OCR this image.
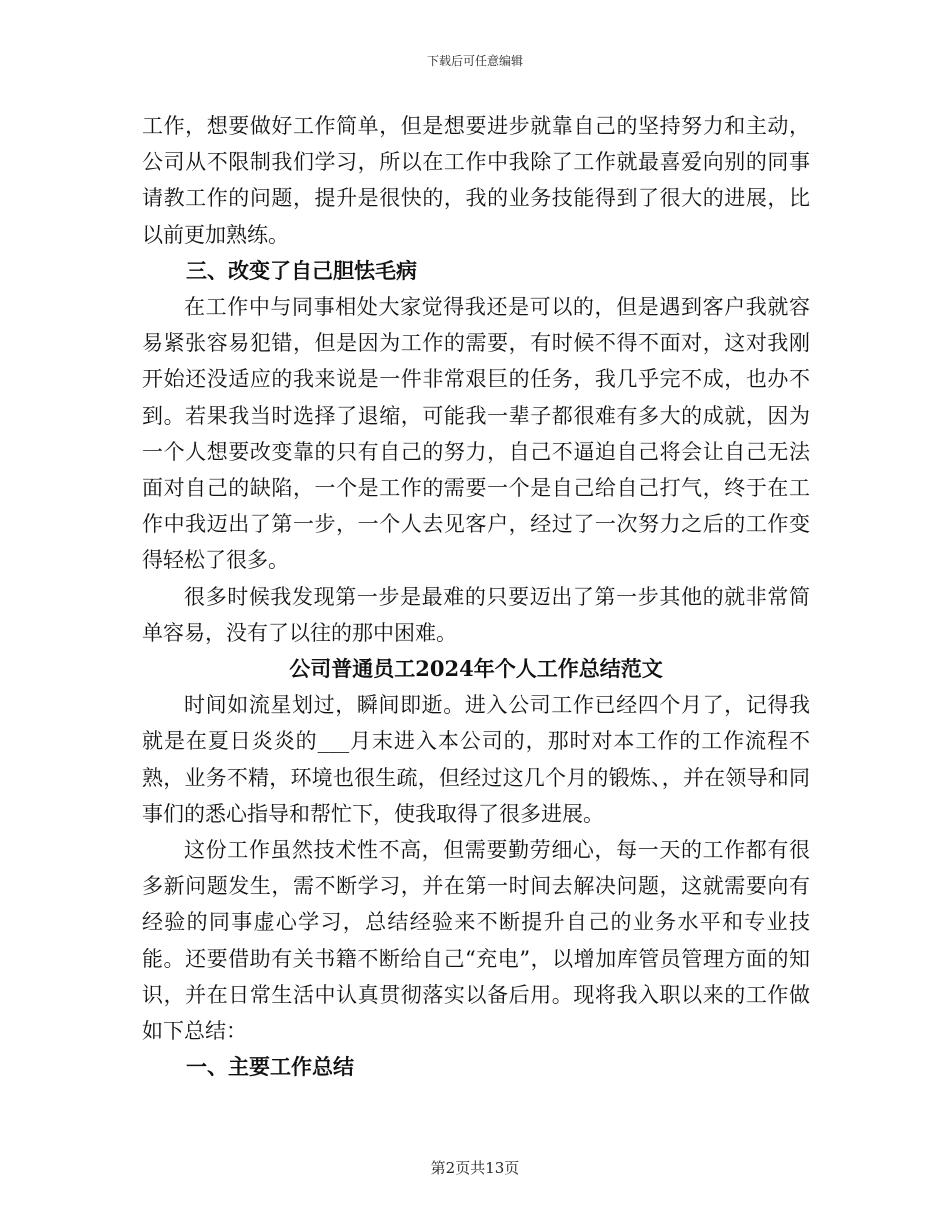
下载后可任意编辑

工作，想要做好工作简单，但是想要进步就靠自己的坚持努力和主动，公司从不限制我们学习，所以在工作中我除了工作就最喜爱向别的同事请教工作的问题，提升是很快的，我的业务技能得到了很大的进展，比以前更加熟练。

三、改变了自己胆怯毛病

在工作中与同事相处大家觉得我还是可以的，但是遇到客户我就容易紧张容易犯错，但是因为工作的需要，有时候不得不面对，这对我刚开始还没适应的我来说是一件非常艰巨的任务，我几乎完不成，也办不到。若果我当时选择了退缩，可能我一辈子都很难有多大的成就，因为一个人想要改变靠的只有自己的努力，自己不逼迫自己将会让自己无法面对自己的缺陷，一个是工作的需要一个是自己给自己打气，终于在工作中我迈出了第一步，一个人去见客户，经过了一次努力之后的工作变得轻松了很多。

很多时候我发现第一步是最难的只要迈出了第一步其他的就非常简单容易，没有了以往的那中困难。

公司普通员工2024年个人工作总结范文

时间如流星划过，瞬间即逝。进入公司工作已经四个月了，记得我就是在夏日炎炎的___月末进入本公司的，那时对本工作的工作流程不熟，业务不精，环境也很生疏，但经过这几个月的锻炼、，并在领导和同事们的悉心指导和帮忙下，使我取得了很多进展。

这份工作虽然技术性不高，但需要勤劳细心，每一天的工作都有很多新问题发生，需不断学习，并在第一时间去解决问题，这就需要向有经验的同事虚心学习，总结经验来不断提升自己的业务水平和专业技能。还要借助有关书籍不断给自己“充电”，以增加库管员管理方面的知识，并在日常生活中认真贯彻落实以备后用。现将我入职以来的工作做如下总结：

一、主要工作总结

第2页共13页
